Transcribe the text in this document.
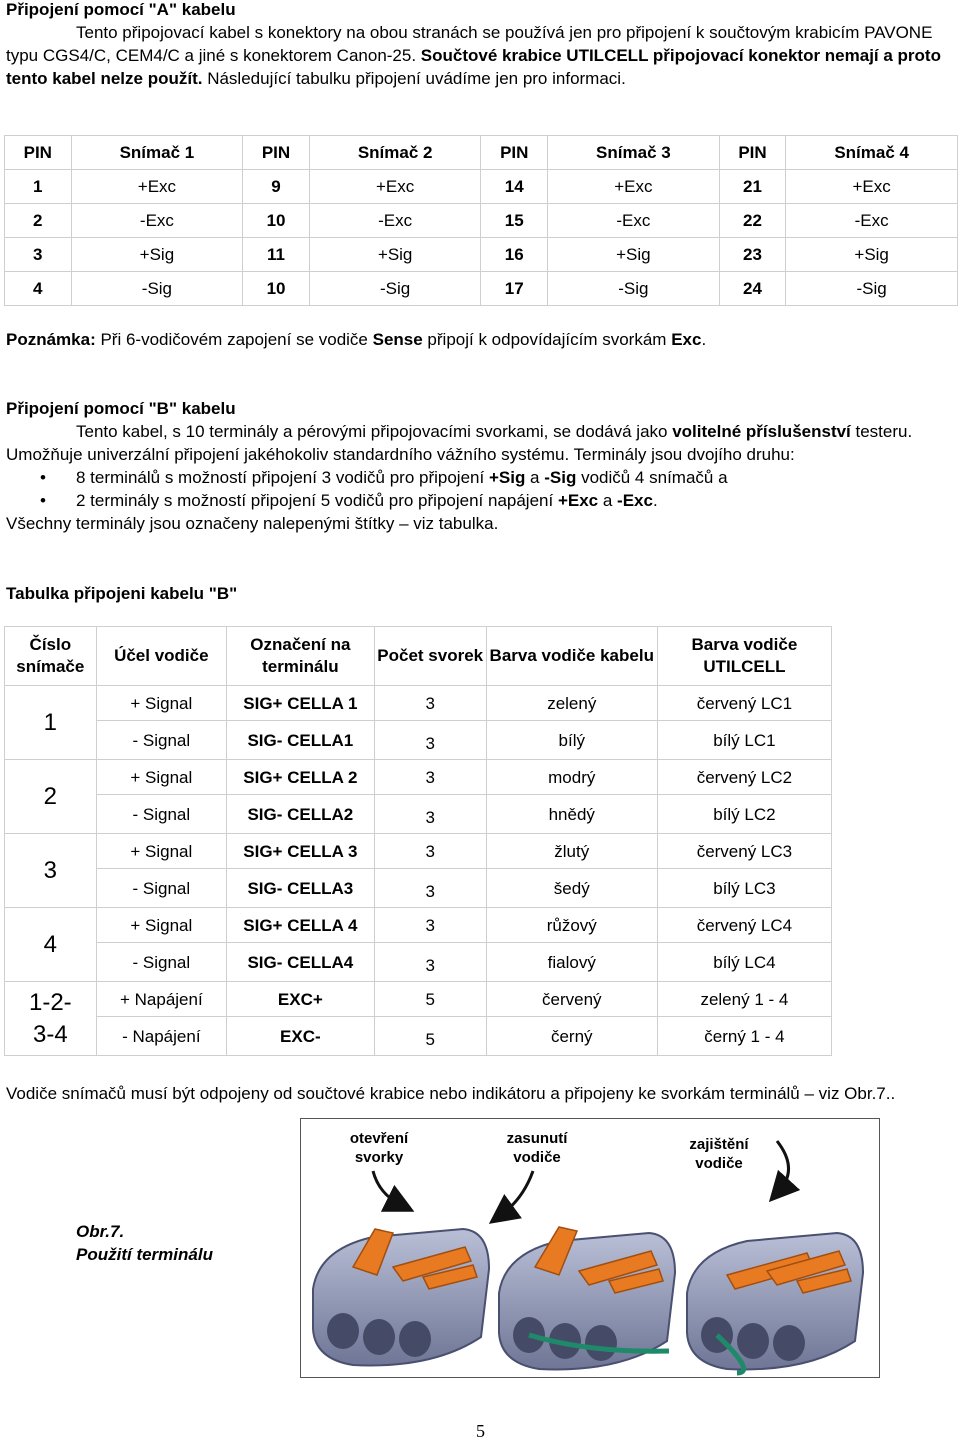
Připojení pomocí "A" kabelu

Tento připojovací kabel s konektory na obou stranách se používá jen pro připojení k součtovým krabicím PAVONE typu CGS4/C, CEM4/C a jiné s konektorem Canon-25. Součtové krabice UTILCELL připojovací konektor nemají a proto tento kabel nelze použít. Následující tabulku připojení uvádíme jen pro informaci.

PIN	Snímač 1	PIN	Snímač 2	PIN	Snímač 3	PIN	Snímač 4
1	+Exc	9	+Exc	14	+Exc	21	+Exc
2	-Exc	10	-Exc	15	-Exc	22	-Exc
3	+Sig	11	+Sig	16	+Sig	23	+Sig
4	-Sig	10	-Sig	17	-Sig	24	-Sig
Poznámka: Při 6-vodičovém zapojení se vodiče Sense připojí k odpovídajícím svorkám Exc.

Připojení pomocí "B" kabelu

Tento kabel, s 10 terminály a pérovými připojovacími svorkami, se dodává jako volitelné příslušenství testeru. Umožňuje univerzální připojení jakéhokoliv standardního vážního systému. Terminály jsou dvojího druhu:

• 8 terminálů s možností připojení 3 vodičů pro připojení +Sig a -Sig vodičů 4 snímačů a
• 2 terminály s možností připojení 5 vodičů pro připojení napájení +Exc a -Exc.

Všechny terminály jsou označeny nalepenými štítky – viz tabulka.

Tabulka připojeni kabelu "B"
Číslo snímače	Účel vodiče	Označení na terminálu	Počet svorek	Barva vodiče kabelu	Barva vodiče UTILCELL
1	+ Signal	SIG+ CELLA 1	3	zelený	červený LC1
	- Signal	SIG- CELLA1	3	bílý	bílý LC1
2	+ Signal	SIG+ CELLA 2	3	modrý	červený LC2
	- Signal	SIG- CELLA2	3	hnědý	bílý LC2
3	+ Signal	SIG+ CELLA 3	3	žlutý	červený LC3
	- Signal	SIG- CELLA3	3	šedý	bílý LC3
4	+ Signal	SIG+ CELLA 4	3	růžový	červený LC4
	- Signal	SIG- CELLA4	3	fialový	bílý LC4

1-2-
3-4	+ Napájení	EXC+	5	červený	zelený 1 - 4
	- Napájení	EXC-	5	černý	černý 1 - 4
Vodiče snímačů musí být odpojeny od součtové krabice nebo indikátoru a připojeny ke svorkám terminálů – viz Obr.7..
Obr.7.
Použití terminálu
otevření
svorky
zasunutí
vodiče
zajištění
vodiče
5
